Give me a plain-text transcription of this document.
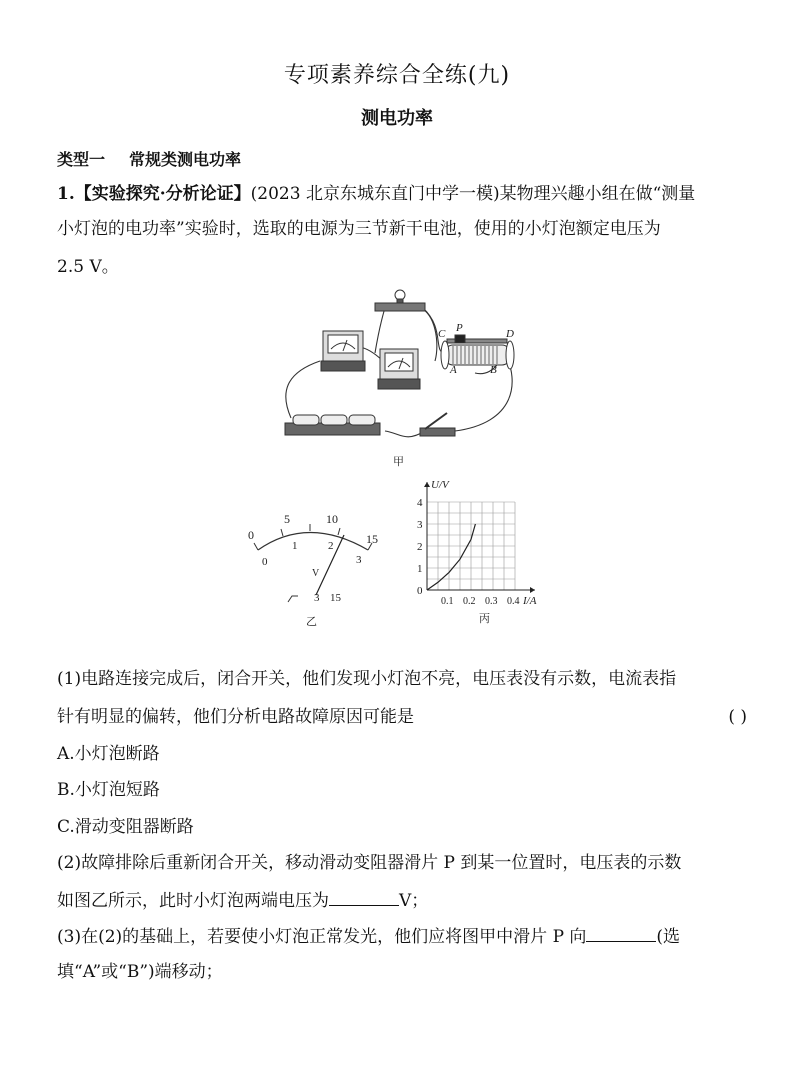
专项素养综合全练(九)
测电功率
类型一 常规类测电功率
1.【实验探究·分析论证】(2023 北京东城东直门中学一模)某物理兴趣小组在做“测量
小灯泡的电功率”实验时，选取的电源为三节新干电池，使用的小灯泡额定电压为
2.5 V。
C P	D
A	B
甲
0
5	10
15
0
1	2
3
V
3 15
乙
1
2
3
4
0.1 0.2 0.3 0.4
U/V
I/A
0
丙
(1)电路连接完成后，闭合开关，他们发现小灯泡不亮，电压表没有示数，电流表指
针有明显的偏转，他们分析电路故障原因可能是	( )
A.小灯泡断路
B.小灯泡短路
C.滑动变阻器断路
(2)故障排除后重新闭合开关，移动滑动变阻器滑片 P 到某一位置时，电压表的示数
如图乙所示，此时小灯泡两端电压为	V；
(3)在(2)的基础上，若要使小灯泡正常发光，他们应将图甲中滑片 P 向	(选
填“A”或“B”)端移动；
